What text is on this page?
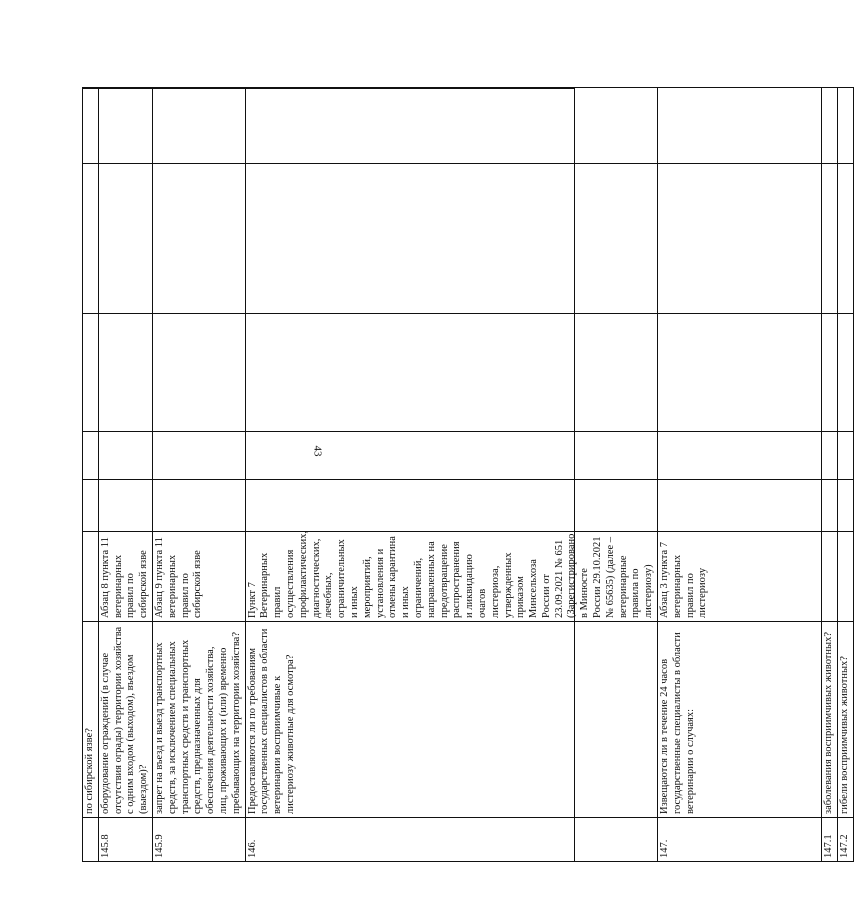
43
	по сибирской язве?						
145.8	оборудование ограждений (в случае отсутствия ограды) территории хозяйства с одним входом (выходом), въездом (выездом)?	Абзац 8 пункта 11 ветеринарных правил по сибирской язве					
145.9	запрет на въезд и выезд транспортных средств, за исключением специальных транспортных средств и транспортных средств, предназначенных для обеспечения деятельности хозяйства, лиц, проживающих и (или) временно пребывающих на территории хозяйства?	Абзац 9 пункта 11 ветеринарных правил по сибирской язве					
146.	Предоставляются ли по требованиям государственных специалистов в области ветеринарии восприимчивые к листериозу животные для осмотра?	Пункт 7 Ветеринарных правил осуществления профилактических, диагностических, лечебных, ограничительных и иных мероприятий, установления и отмены карантина и иных ограничений, направленных на предотвращение распространения и ликвидацию очагов листериоза, утвержденных приказом Минсельхоза России от 23.09.2021 № 651 (Зарегистрировано в Минюсте России 29.10.2021 № 65635) (далее – ветеринарные правила по листериозу)					
147.	Извещаются ли в течение 24 часов государственные специалисты в области ветеринарии о случаях:	Абзац 3 пункта 7 ветеринарных правил по листериозу					
147.1	заболевания восприимчивых животных?						
147.2	гибели восприимчивых животных?						
